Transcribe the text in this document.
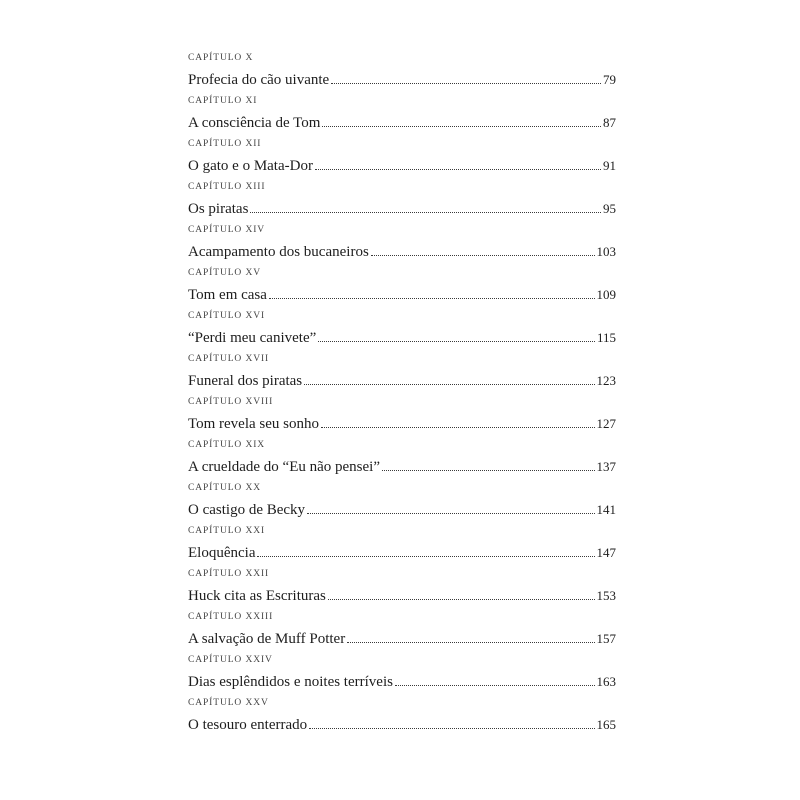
CAPÍTULO X
Profecia do cão uivante	79
CAPÍTULO XI
A consciência de Tom	87
CAPÍTULO XII
O gato e o Mata-Dor	91
CAPÍTULO XIII
Os piratas	95
CAPÍTULO XIV
Acampamento dos bucaneiros	103
CAPÍTULO XV
Tom em casa	109
CAPÍTULO XVI
“Perdi meu canivete”	115
CAPÍTULO XVII
Funeral dos piratas	123
CAPÍTULO XVIII
Tom revela seu sonho	127
CAPÍTULO XIX
A crueldade do “Eu não pensei”	137
CAPÍTULO XX
O castigo de Becky	141
CAPÍTULO XXI
Eloquência	147
CAPÍTULO XXII
Huck cita as Escrituras	153
CAPÍTULO XXIII
A salvação de Muff Potter	157
CAPÍTULO XXIV
Dias esplêndidos e noites terríveis	163
CAPÍTULO XXV
O tesouro enterrado	165
